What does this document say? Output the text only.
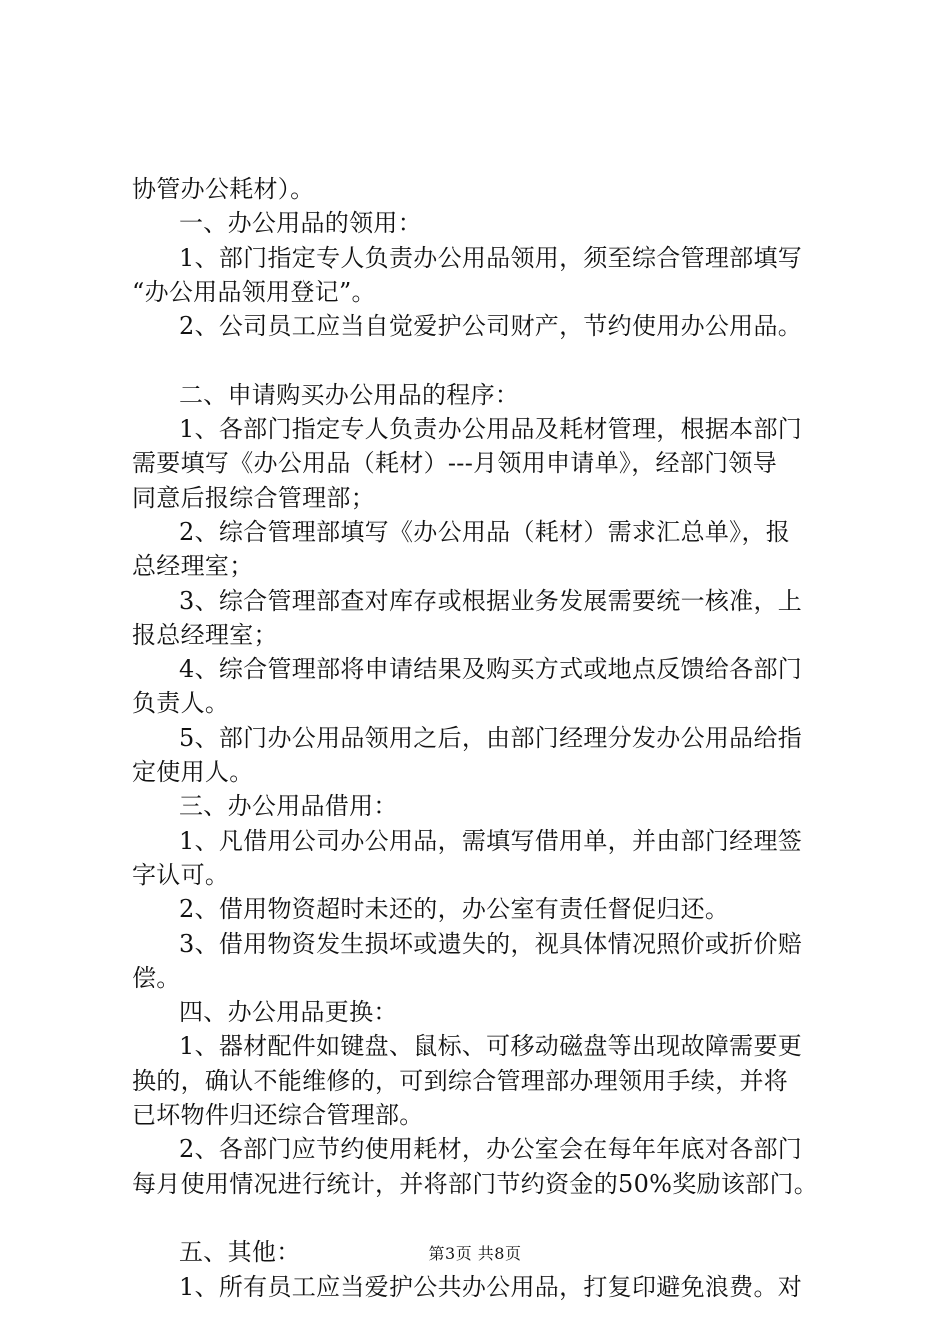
协管办公耗材）。
一、办公用品的领用：
1、部门指定专人负责办公用品领用，须至综合管理部填写
“办公用品领用登记”。
2、公司员工应当自觉爱护公司财产，节约使用办公用品。
二、申请购买办公用品的程序：
1、各部门指定专人负责办公用品及耗材管理，根据本部门
需要填写《办公用品（耗材）---月领用申请单》，经部门领导
同意后报综合管理部；
2、综合管理部填写《办公用品（耗材）需求汇总单》，报
总经理室；
3、综合管理部查对库存或根据业务发展需要统一核准，上
报总经理室；
4、综合管理部将申请结果及购买方式或地点反馈给各部门
负责人。
5、部门办公用品领用之后，由部门经理分发办公用品给指
定使用人。
三、办公用品借用：
1、凡借用公司办公用品，需填写借用单，并由部门经理签
字认可。
2、借用物资超时未还的，办公室有责任督促归还。
3、借用物资发生损坏或遗失的，视具体情况照价或折价赔
偿。
四、办公用品更换：
1、器材配件如键盘、鼠标、可移动磁盘等出现故障需要更
换的，确认不能维修的，可到综合管理部办理领用手续，并将
已坏物件归还综合管理部。
2、各部门应节约使用耗材，办公室会在每年年底对各部门
每月使用情况进行统计，并将部门节约资金的50%奖励该部门。
五、其他：
1、所有员工应当爱护公共办公用品，打复印避免浪费。对
第3页 共8页
